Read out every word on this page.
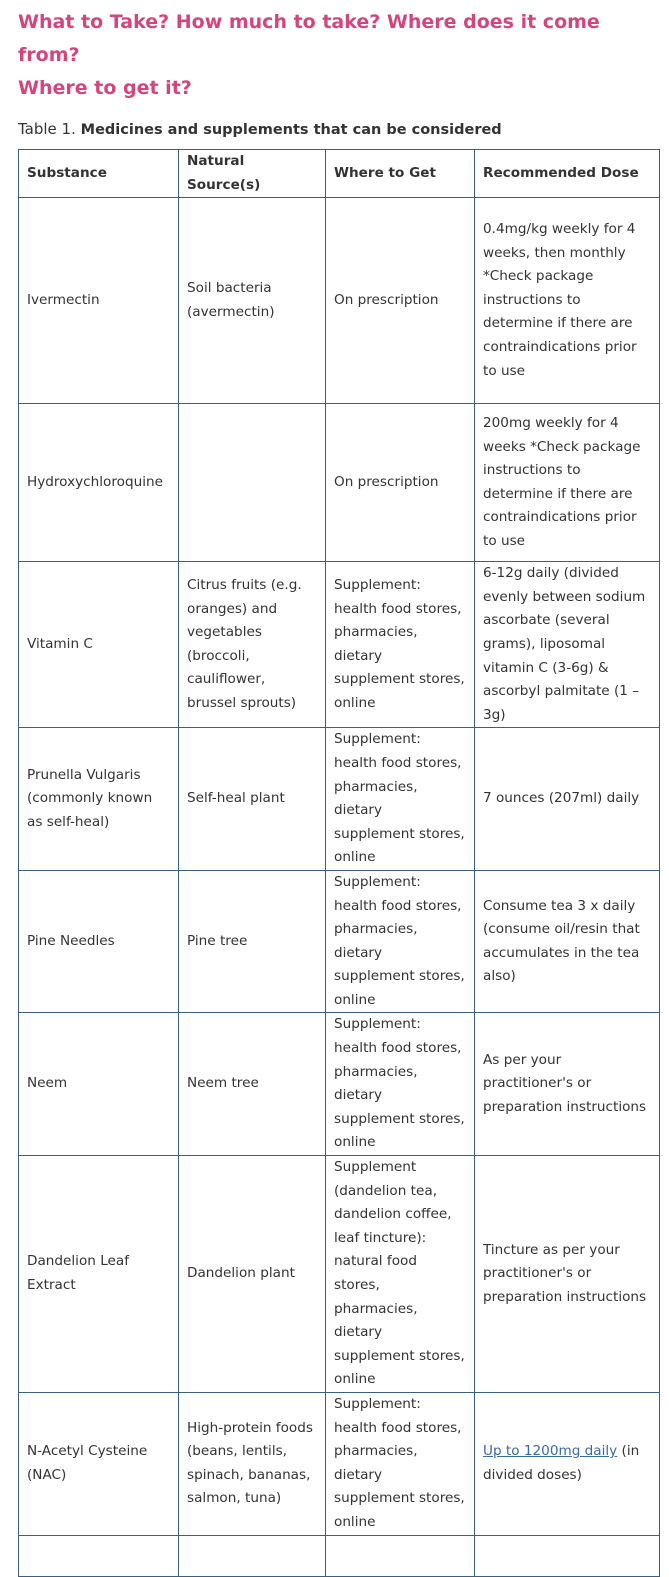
What to Take? How much to take? Where does it come from?
Where to get it?
Table 1. Medicines and supplements that can be considered
Substance	Natural Source(s)	Where to Get	Recommended Dose
Ivermectin	Soil bacteria (avermectin)	On prescription	0.4mg/kg weekly for 4 weeks, then monthly *Check package instructions to determine if there are contraindications prior to use
Hydroxychloroquine		On prescription	200mg weekly for 4 weeks *Check package instructions to determine if there are contraindications prior to use
Vitamin C	Citrus fruits (e.g. oranges) and vegetables (broccoli, cauliflower, brussel sprouts)	Supplement: health food stores, pharmacies, dietary supplement stores, online	6-12g daily (divided evenly between sodium ascorbate (several grams), liposomal vitamin C (3-6g) & ascorbyl palmitate (1 – 3g)
Prunella Vulgaris (commonly known as self-heal)	Self-heal plant	Supplement: health food stores, pharmacies, dietary supplement stores, online	7 ounces (207ml) daily
Pine Needles	Pine tree	Supplement: health food stores, pharmacies, dietary supplement stores, online	Consume tea 3 x daily (consume oil/resin that accumulates in the tea also)
Neem	Neem tree	Supplement: health food stores, pharmacies, dietary supplement stores, online	As per your practitioner's or preparation instructions
Dandelion Leaf Extract	Dandelion plant	Supplement (dandelion tea, dandelion coffee, leaf tincture): natural food stores, pharmacies, dietary supplement stores, online	Tincture as per your practitioner's or preparation instructions
N-Acetyl Cysteine (NAC)	High-protein foods (beans, lentils, spinach, bananas, salmon, tuna)	Supplement: health food stores, pharmacies, dietary supplement stores, online	Up to 1200mg daily (in divided doses)
